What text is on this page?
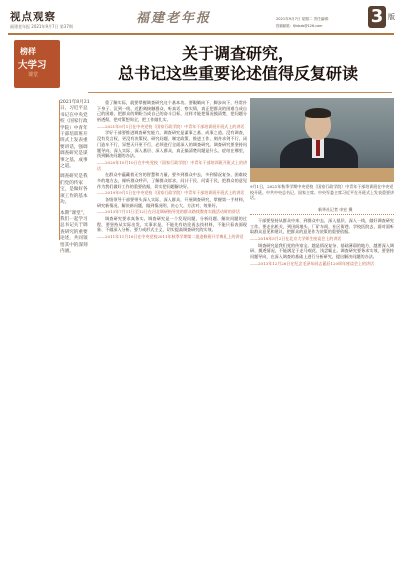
视点观察
福建老年报 2021年9月7日 第37期
福建老年报	2021年9月7日 星期二 责任编辑：
投稿邮箱：fjlnbzb@126.com	3 版
榜样
大学习
课堂
关于调查研究，
总书记这些重要论述值得反复研读

2021年8月31日，习近平总书记在中央党校（国家行政学院）中青年干部培训班开班式上发表重要讲话，强调调查研究是谋事之基、成事之道。

调查研究是我们党的传家宝，是做好各项工作的基本功。

本期“课堂”，我们一起学习总书记关于调查研究的重要论述，共同领悟其中的深刻内涵。

重了解实际，就要掌握调查研究这个基本功。要眼睛向下、脚步向下，经常扑下身子、沉到一线，近距离接触群众，听真话、察实情，真正把群众的困难当成自己的困难，把群众的期盼当成自己的奋斗目标，这样才能把情况摸清楚，把问题分析透彻，把对策想周全，把工作做扎实。

——2021年9月1日在中央党校（国家行政学院）中青年干部培训班开班式上的讲话

学好干部要推进调查研究能力，调查研究是谋事之基、成事之道。没有调查，没有发言权，更没有决策权。研究问题、制定政策、推进工作，刻舟求剑不行，闭门造车不行，异想天开更不行，必须进行全面深入的调查研究。调查研究要坚持问题导向，深入实际、深入基层、深入群众，真正搞清楚问题是什么、症结在哪里，找到解决问题的办法。

——2020年10月10日在中央党校（国家行政学院）中青年干部培训班开班式上的讲话

在群众中蕴藏着无穷的智慧和力量，要多到群众中去，多到情况复杂、困难较多的地方去，倾听群众呼声，了解群众诉求，问计于民、问需于民，把群众的意见作为我们做好工作的重要依据，切实把问题解决好。

——2019年9月1日在中央党校（国家行政学院）中青年干部培训班开班式上的讲话

各级领导干部要带头深入实际，深入群众，开展调查研究，掌握第一手材料，研究新情况、解决新问题，做到情况明、决心大、方法对、效果好。

——2013年7月11日至12日在河北调研指导党的群众路线教育实践活动时的讲话

调查研究要求真务实。调查研究是一个发现问题、分析问题、解决问题的过程，要坚持从实际出发，实事求是，不能先有结论再去找材料，不能只看表面现象、不做深入分析。要力戒形式主义，切实提高调查研究的实效。

——2011年11月16日在中央党校2011年秋季学期第二批进修班开学典礼上的讲话

9月1日，2021年秋季学期中央党校（国家行政学院）中青年干部培训班在中央党校开班。中共中央总书记、国家主席、中央军委主席习近平在开班式上发表重要讲话。
新华社记者 申宏 摄

干部要坚持从群众中来、到群众中去，深入基层、深入一线，做好调查研究工作。要走出机关，到田间地头、厂矿车间、社区街巷、学校医院去，面对面听取群众意见和建议，把群众的意见作为决策的重要依据。

——2018年5月2日在北京大学师生座谈会上的讲话

调查研究是我们党的传家宝。越是情况复杂、基础薄弱的地方，越要深入调研、摸透情况，不能满足于走马观花、浅尝辄止。调查研究要务求实效，要坚持问题导向，在深入调查的基础上进行分析研究，提出解决问题的办法。

——2013年12月26日在纪念毛泽东同志诞辰120周年座谈会上的讲话
